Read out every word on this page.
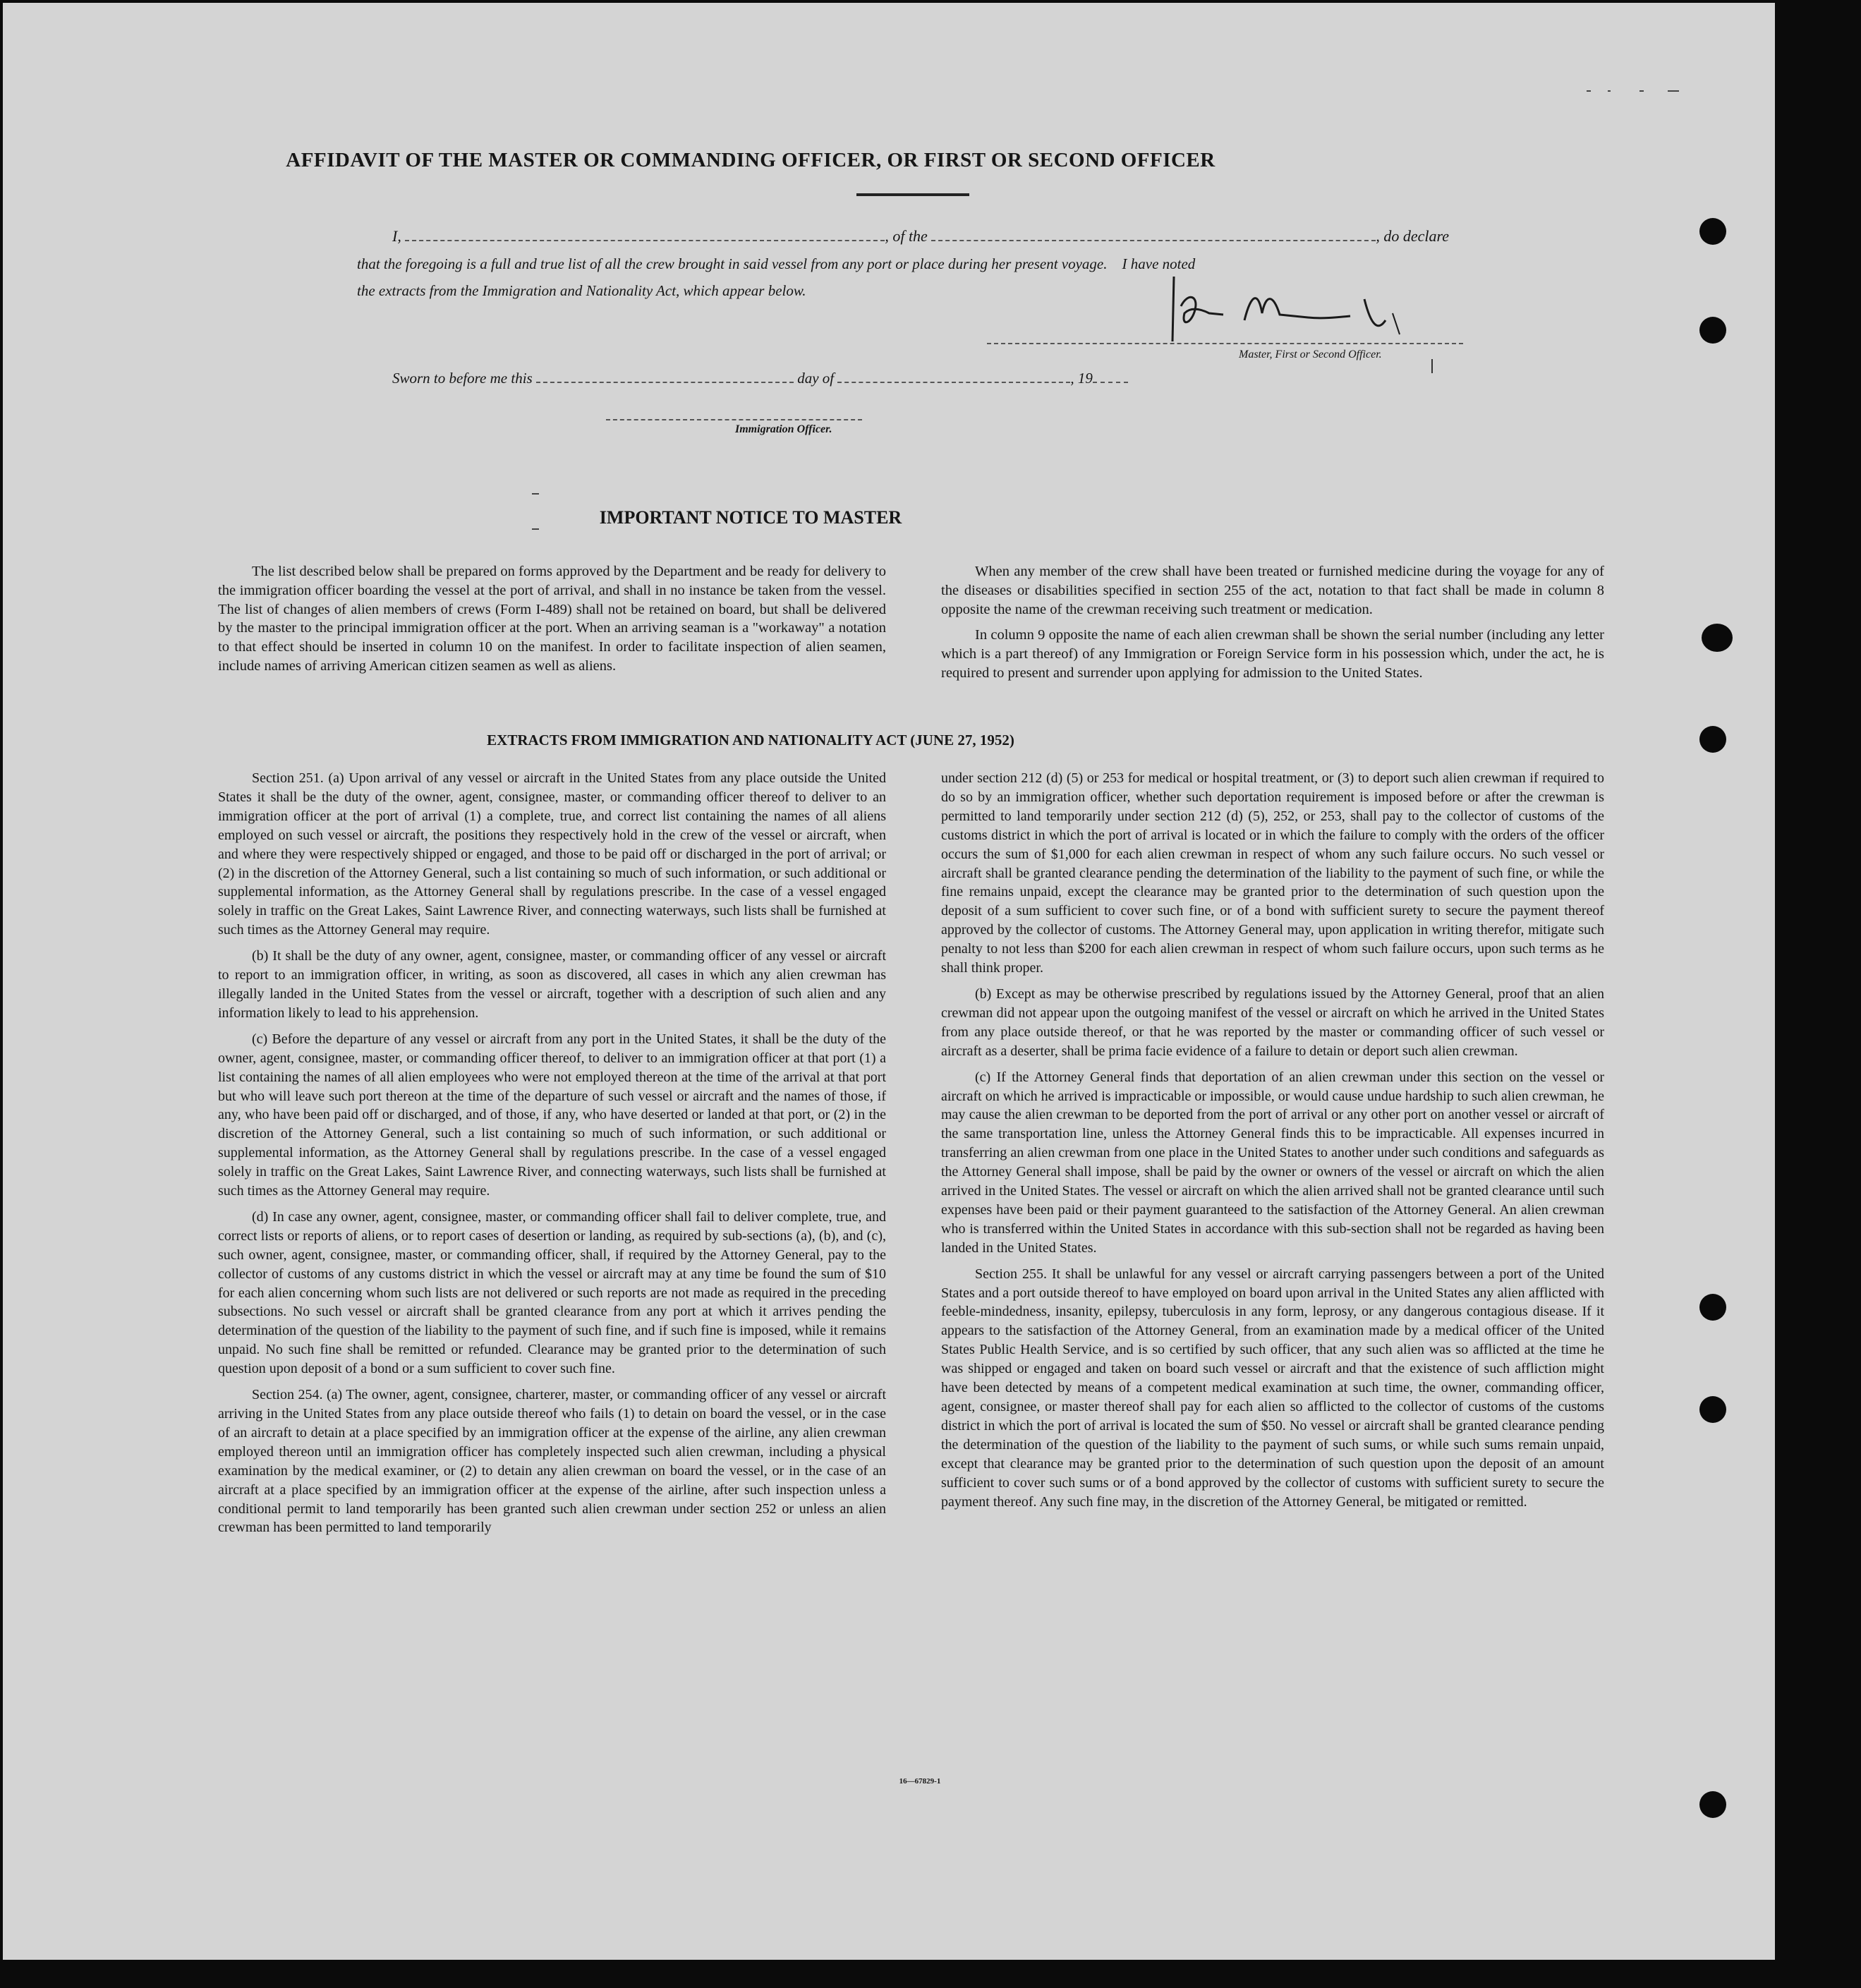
AFFIDAVIT OF THE MASTER OR COMMANDING OFFICER, OR FIRST OR SECOND OFFICER
I,	, of the	, do declare
that the foregoing is a full and true list of all the crew brought in said vessel from any port or place during her present voyage. I have noted
the extracts from the Immigration and Nationality Act, which appear below.
Master, First or Second Officer.
Sworn to before me this	day of	, 19
Immigration Officer.
IMPORTANT NOTICE TO MASTER

The list described below shall be prepared on forms approved by the Department and be ready for delivery to the immigration officer boarding the vessel at the port of arrival, and shall in no instance be taken from the vessel. The list of changes of alien members of crews (Form I-489) shall not be retained on board, but shall be delivered by the master to the principal immigration officer at the port. When an arriving seaman is a "workaway" a notation to that effect should be inserted in column 10 on the manifest. In order to facilitate inspection of alien seamen, include names of arriving American citizen seamen as well as aliens.

When any member of the crew shall have been treated or furnished medicine during the voyage for any of the diseases or disabilities specified in section 255 of the act, notation to that fact shall be made in column 8 opposite the name of the crewman receiving such treatment or medication.

In column 9 opposite the name of each alien crewman shall be shown the serial number (including any letter which is a part thereof) of any Immigration or Foreign Service form in his possession which, under the act, he is required to present and surrender upon applying for admission to the United States.

EXTRACTS FROM IMMIGRATION AND NATIONALITY ACT (JUNE 27, 1952)

Section 251. (a) Upon arrival of any vessel or aircraft in the United States from any place outside the United States it shall be the duty of the owner, agent, consignee, master, or commanding officer thereof to deliver to an immigration officer at the port of arrival (1) a complete, true, and correct list containing the names of all aliens employed on such vessel or aircraft, the positions they respectively hold in the crew of the vessel or aircraft, when and where they were respectively shipped or engaged, and those to be paid off or discharged in the port of arrival; or (2) in the discretion of the Attorney General, such a list containing so much of such information, or such additional or supplemental information, as the Attorney General shall by regulations prescribe. In the case of a vessel engaged solely in traffic on the Great Lakes, Saint Lawrence River, and connecting waterways, such lists shall be furnished at such times as the Attorney General may require.

(b) It shall be the duty of any owner, agent, consignee, master, or commanding officer of any vessel or aircraft to report to an immigration officer, in writing, as soon as discovered, all cases in which any alien crewman has illegally landed in the United States from the vessel or aircraft, together with a description of such alien and any information likely to lead to his apprehension.

(c) Before the departure of any vessel or aircraft from any port in the United States, it shall be the duty of the owner, agent, consignee, master, or commanding officer thereof, to deliver to an immigration officer at that port (1) a list containing the names of all alien employees who were not employed thereon at the time of the arrival at that port but who will leave such port thereon at the time of the departure of such vessel or aircraft and the names of those, if any, who have been paid off or discharged, and of those, if any, who have deserted or landed at that port, or (2) in the discretion of the Attorney General, such a list containing so much of such information, or such additional or supplemental information, as the Attorney General shall by regulations prescribe. In the case of a vessel engaged solely in traffic on the Great Lakes, Saint Lawrence River, and connecting waterways, such lists shall be furnished at such times as the Attorney General may require.

(d) In case any owner, agent, consignee, master, or commanding officer shall fail to deliver complete, true, and correct lists or reports of aliens, or to report cases of desertion or landing, as required by sub-sections (a), (b), and (c), such owner, agent, consignee, master, or commanding officer, shall, if required by the Attorney General, pay to the collector of customs of any customs district in which the vessel or aircraft may at any time be found the sum of $10 for each alien concerning whom such lists are not delivered or such reports are not made as required in the preceding subsections. No such vessel or aircraft shall be granted clearance from any port at which it arrives pending the determination of the question of the liability to the payment of such fine, and if such fine is imposed, while it remains unpaid. No such fine shall be remitted or refunded. Clearance may be granted prior to the determination of such question upon deposit of a bond or a sum sufficient to cover such fine.

Section 254. (a) The owner, agent, consignee, charterer, master, or commanding officer of any vessel or aircraft arriving in the United States from any place outside thereof who fails (1) to detain on board the vessel, or in the case of an aircraft to detain at a place specified by an immigration officer at the expense of the airline, any alien crewman employed thereon until an immigration officer has completely inspected such alien crewman, including a physical examination by the medical examiner, or (2) to detain any alien crewman on board the vessel, or in the case of an aircraft at a place specified by an immigration officer at the expense of the airline, after such inspection unless a conditional permit to land temporarily has been granted such alien crewman under section 252 or unless an alien crewman has been permitted to land temporarily

under section 212 (d) (5) or 253 for medical or hospital treatment, or (3) to deport such alien crewman if required to do so by an immigration officer, whether such deportation requirement is imposed before or after the crewman is permitted to land temporarily under section 212 (d) (5), 252, or 253, shall pay to the collector of customs of the customs district in which the port of arrival is located or in which the failure to comply with the orders of the officer occurs the sum of $1,000 for each alien crewman in respect of whom any such failure occurs. No such vessel or aircraft shall be granted clearance pending the determination of the liability to the payment of such fine, or while the fine remains unpaid, except the clearance may be granted prior to the determination of such question upon the deposit of a sum sufficient to cover such fine, or of a bond with sufficient surety to secure the payment thereof approved by the collector of customs. The Attorney General may, upon application in writing therefor, mitigate such penalty to not less than $200 for each alien crewman in respect of whom such failure occurs, upon such terms as he shall think proper.

(b) Except as may be otherwise prescribed by regulations issued by the Attorney General, proof that an alien crewman did not appear upon the outgoing manifest of the vessel or aircraft on which he arrived in the United States from any place outside thereof, or that he was reported by the master or commanding officer of such vessel or aircraft as a deserter, shall be prima facie evidence of a failure to detain or deport such alien crewman.

(c) If the Attorney General finds that deportation of an alien crewman under this section on the vessel or aircraft on which he arrived is impracticable or impossible, or would cause undue hardship to such alien crewman, he may cause the alien crewman to be deported from the port of arrival or any other port on another vessel or aircraft of the same transportation line, unless the Attorney General finds this to be impracticable. All expenses incurred in transferring an alien crewman from one place in the United States to another under such conditions and safeguards as the Attorney General shall impose, shall be paid by the owner or owners of the vessel or aircraft on which the alien arrived in the United States. The vessel or aircraft on which the alien arrived shall not be granted clearance until such expenses have been paid or their payment guaranteed to the satisfaction of the Attorney General. An alien crewman who is transferred within the United States in accordance with this sub-section shall not be regarded as having been landed in the United States.

Section 255. It shall be unlawful for any vessel or aircraft carrying passengers between a port of the United States and a port outside thereof to have employed on board upon arrival in the United States any alien afflicted with feeble-mindedness, insanity, epilepsy, tuberculosis in any form, leprosy, or any dangerous contagious disease. If it appears to the satisfaction of the Attorney General, from an examination made by a medical officer of the United States Public Health Service, and is so certified by such officer, that any such alien was so afflicted at the time he was shipped or engaged and taken on board such vessel or aircraft and that the existence of such affliction might have been detected by means of a competent medical examination at such time, the owner, commanding officer, agent, consignee, or master thereof shall pay for each alien so afflicted to the collector of customs of the customs district in which the port of arrival is located the sum of $50. No vessel or aircraft shall be granted clearance pending the determination of the question of the liability to the payment of such sums, or while such sums remain unpaid, except that clearance may be granted prior to the determination of such question upon the deposit of an amount sufficient to cover such sums or of a bond approved by the collector of customs with sufficient surety to secure the payment thereof. Any such fine may, in the discretion of the Attorney General, be mitigated or remitted.

16—67829-1
